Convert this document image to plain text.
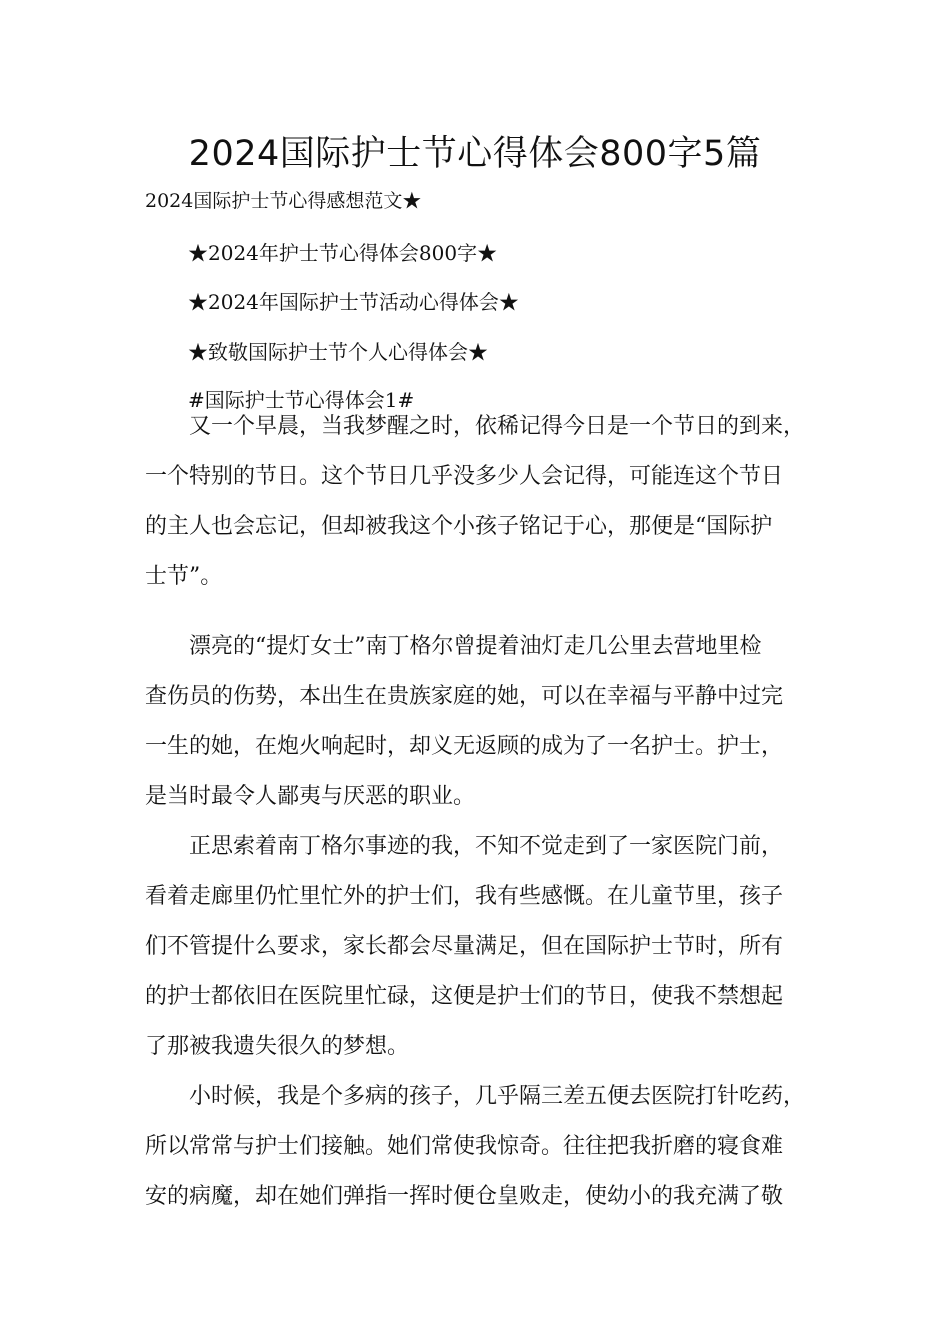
2024国际护士节心得体会800字5篇

2024国际护士节心得感想范文★

★2024年护士节心得体会800字★

★2024年国际护士节活动心得体会★

★致敬国际护士节个人心得体会★

#国际护士节心得体会1#

又一个早晨，当我梦醒之时，依稀记得今日是一个节日的到来，
一个特别的节日。这个节日几乎没多少人会记得，可能连这个节日
的主人也会忘记，但却被我这个小孩子铭记于心，那便是“国际护
士节”。
漂亮的“提灯女士”南丁格尔曾提着油灯走几公里去营地里检
查伤员的伤势，本出生在贵族家庭的她，可以在幸福与平静中过完
一生的她，在炮火响起时，却义无返顾的成为了一名护士。护士，
是当时最令人鄙夷与厌恶的职业。
正思索着南丁格尔事迹的我，不知不觉走到了一家医院门前，
看着走廊里仍忙里忙外的护士们，我有些感慨。在儿童节里，孩子
们不管提什么要求，家长都会尽量满足，但在国际护士节时，所有
的护士都依旧在医院里忙碌，这便是护士们的节日，使我不禁想起
了那被我遗失很久的梦想。
小时候，我是个多病的孩子，几乎隔三差五便去医院打针吃药，
所以常常与护士们接触。她们常使我惊奇。往往把我折磨的寝食难
安的病魔，却在她们弹指一挥时便仓皇败走，使幼小的我充满了敬
